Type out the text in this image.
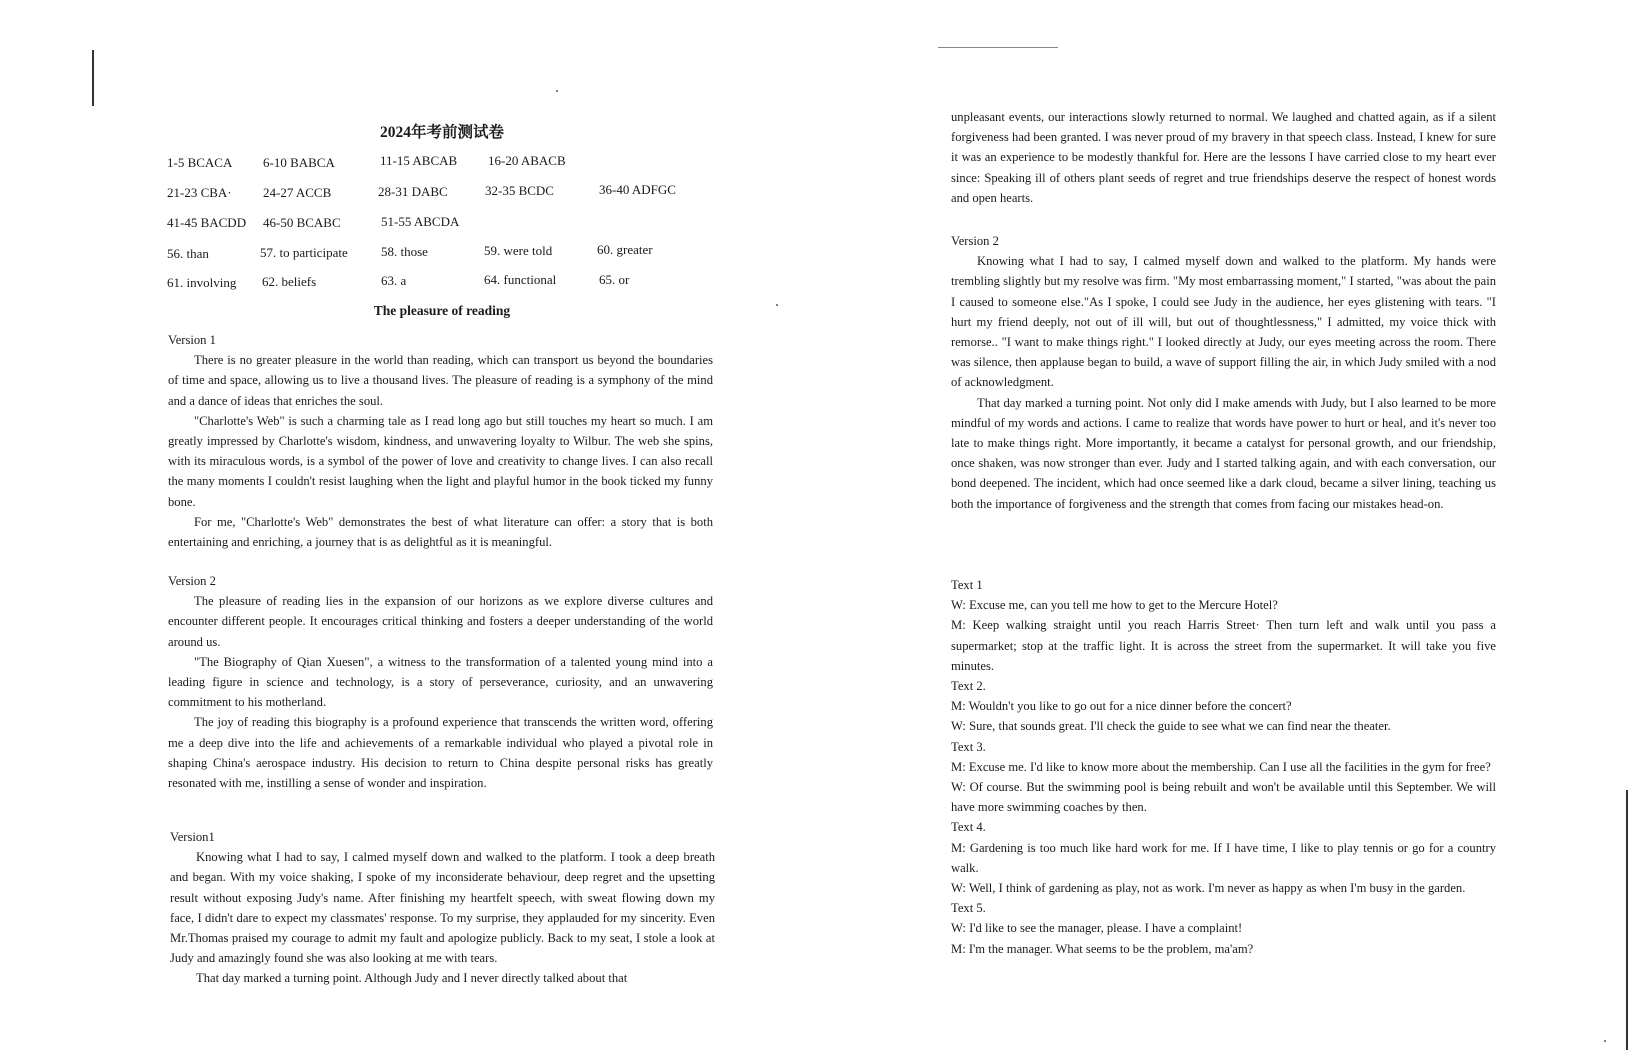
2024年考前测试卷
1-5 BCACA 6-10 BABCA	11-15 ABCAB 16-20 ABACB
21-23 CBA· 24-27 ACCB	28-31 DABC	32-35 BCDC	36-40 ADFGC
41-45 BACDD 46-50 BCABC	51-55 ABCDA
56. than	57. to participate	58. those	59. were told	60. greater
61. involving 62. beliefs	63. a	64. functional	65. or
The pleasure of reading

Version 1

There is no greater pleasure in the world than reading, which can transport us beyond the boundaries of time and space, allowing us to live a thousand lives. The pleasure of reading is a symphony of the mind and a dance of ideas that enriches the soul.

"Charlotte's Web" is such a charming tale as I read long ago but still touches my heart so much. I am greatly impressed by Charlotte's wisdom, kindness, and unwavering loyalty to Wilbur. The web she spins, with its miraculous words, is a symbol of the power of love and creativity to change lives. I can also recall the many moments I couldn't resist laughing when the light and playful humor in the book ticked my funny bone.

For me, "Charlotte's Web" demonstrates the best of what literature can offer: a story that is both entertaining and enriching, a journey that is as delightful as it is meaningful.

Version 2

The pleasure of reading lies in the expansion of our horizons as we explore diverse cultures and encounter different people. It encourages critical thinking and fosters a deeper understanding of the world around us.

"The Biography of Qian Xuesen", a witness to the transformation of a talented young mind into a leading figure in science and technology, is a story of perseverance, curiosity, and an unwavering commitment to his motherland.

The joy of reading this biography is a profound experience that transcends the written word, offering me a deep dive into the life and achievements of a remarkable individual who played a pivotal role in shaping China's aerospace industry. His decision to return to China despite personal risks has greatly resonated with me, instilling a sense of wonder and inspiration.

Version1

Knowing what I had to say, I calmed myself down and walked to the platform. I took a deep breath and began. With my voice shaking, I spoke of my inconsiderate behaviour, deep regret and the upsetting result without exposing Judy's name. After finishing my heartfelt speech, with sweat flowing down my face, I didn't dare to expect my classmates' response. To my surprise, they applauded for my sincerity. Even Mr.Thomas praised my courage to admit my fault and apologize publicly. Back to my seat, I stole a look at Judy and amazingly found she was also looking at me with tears.

That day marked a turning point. Although Judy and I never directly talked about that

unpleasant events, our interactions slowly returned to normal. We laughed and chatted again, as if a silent forgiveness had been granted. I was never proud of my bravery in that speech class. Instead, I knew for sure it was an experience to be modestly thankful for. Here are the lessons I have carried close to my heart ever since: Speaking ill of others plant seeds of regret and true friendships deserve the respect of honest words and open hearts.

Version 2

Knowing what I had to say, I calmed myself down and walked to the platform. My hands were trembling slightly but my resolve was firm. "My most embarrassing moment," I started, "was about the pain I caused to someone else."As I spoke, I could see Judy in the audience, her eyes glistening with tears. "I hurt my friend deeply, not out of ill will, but out of thoughtlessness," I admitted, my voice thick with remorse.. "I want to make things right." I looked directly at Judy, our eyes meeting across the room. There was silence, then applause began to build, a wave of support filling the air, in which Judy smiled with a nod of acknowledgment.

That day marked a turning point. Not only did I make amends with Judy, but I also learned to be more mindful of my words and actions. I came to realize that words have power to hurt or heal, and it's never too late to make things right. More importantly, it became a catalyst for personal growth, and our friendship, once shaken, was now stronger than ever. Judy and I started talking again, and with each conversation, our bond deepened. The incident, which had once seemed like a dark cloud, became a silver lining, teaching us both the importance of forgiveness and the strength that comes from facing our mistakes head-on.

Text 1

W: Excuse me, can you tell me how to get to the Mercure Hotel?

M: Keep walking straight until you reach Harris Street· Then turn left and walk until you pass a supermarket; stop at the traffic light. It is across the street from the supermarket. It will take you five minutes.

Text 2.

M: Wouldn't you like to go out for a nice dinner before the concert?

W: Sure, that sounds great. I'll check the guide to see what we can find near the theater.

Text 3.

M: Excuse me. I'd like to know more about the membership. Can I use all the facilities in the gym for free?

W: Of course. But the swimming pool is being rebuilt and won't be available until this September. We will have more swimming coaches by then.

Text 4.

M: Gardening is too much like hard work for me. If I have time, I like to play tennis or go for a country walk.

W: Well, I think of gardening as play, not as work. I'm never as happy as when I'm busy in the garden.

Text 5.

W: I'd like to see the manager, please. I have a complaint!

M: I'm the manager. What seems to be the problem, ma'am?
